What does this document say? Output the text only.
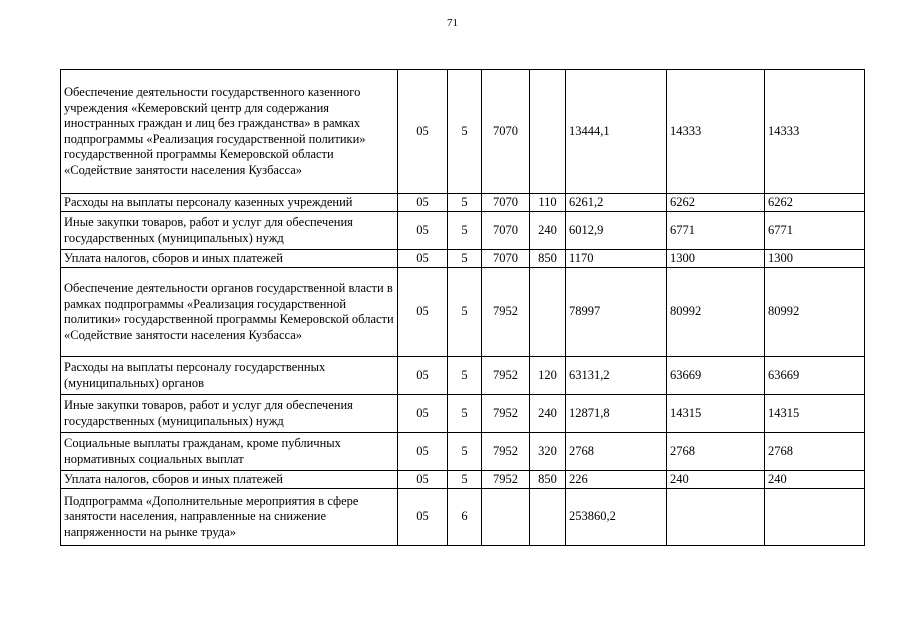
71
Обеспечение деятельности государственного казенного учреждения «Кемеровский центр для содержания иностранных граждан и лиц без гражданства» в рамках подпрограммы «Реализация государственной политики» государственной программы Кемеровской области «Содействие занятости населения Кузбасса»	05	5	7070		13444,1	14333	14333
Расходы на выплаты персоналу казенных учреждений	05	5	7070	110	6261,2	6262	6262
Иные закупки товаров, работ и услуг для обеспечения государственных (муниципальных) нужд	05	5	7070	240	6012,9	6771	6771
Уплата налогов, сборов и иных платежей	05	5	7070	850	1170	1300	1300
Обеспечение деятельности органов государственной власти в рамках подпрограммы «Реализация государственной политики» государственной программы Кемеровской области «Содействие занятости населения Кузбасса»	05	5	7952		78997	80992	80992
Расходы на выплаты персоналу государственных (муниципальных) органов	05	5	7952	120	63131,2	63669	63669
Иные закупки товаров, работ и услуг для обеспечения государственных (муниципальных) нужд	05	5	7952	240	12871,8	14315	14315
Социальные выплаты гражданам, кроме публичных нормативных социальных выплат	05	5	7952	320	2768	2768	2768
Уплата налогов, сборов и иных платежей	05	5	7952	850	226	240	240
Подпрограмма «Дополнительные мероприятия в сфере занятости населения, направленные на снижение напряженности на рынке труда»	05	6			253860,2		
